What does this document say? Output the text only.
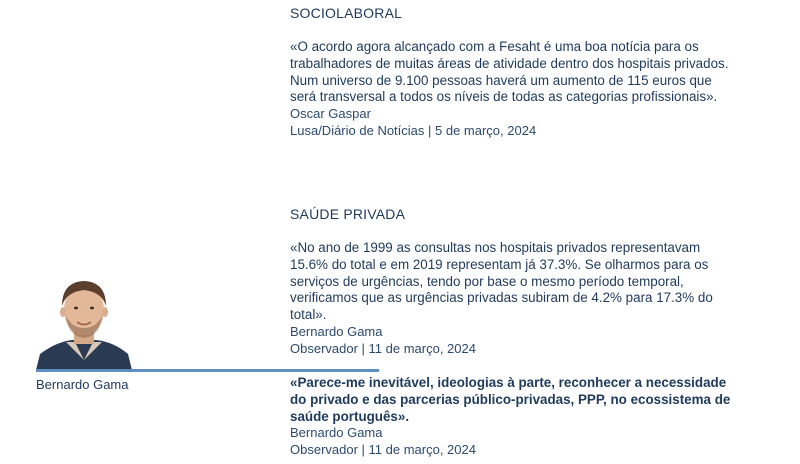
SOCIOLABORAL
«O acordo agora alcançado com a Fesaht é uma boa notícia para os trabalhadores de muitas áreas de atividade dentro dos hospitais privados. Num universo de 9.100 pessoas haverá um aumento de 115 euros que será transversal a todos os níveis de todas as categorias profissionais».
Oscar Gaspar
Lusa/Diário de Notícias | 5 de março, 2024
SAÚDE PRIVADA
«No ano de 1999 as consultas nos hospitais privados representavam 15.6% do total e em 2019 representam já 37.3%. Se olharmos para os serviços de urgências, tendo por base o mesmo período temporal, verificamos que as urgências privadas subiram de 4.2% para 17.3% do total».
Bernardo Gama
Observador | 11 de março, 2024
Bernardo Gama	«Parece-me inevitável, ideologias à parte, reconhecer a necessidade do privado e das parcerias público-privadas, PPP, no ecossistema de saúde português».
Bernardo Gama
Observador | 11 de março, 2024
